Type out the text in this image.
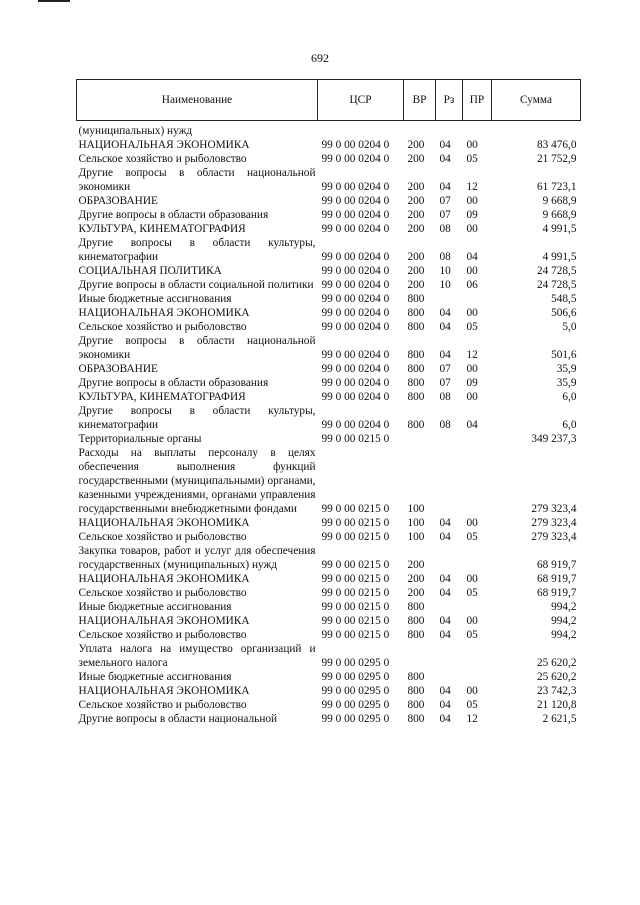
692
Наименование	ЦСР	ВР	Рз	ПР	Сумма
(муниципальных) нужд					
НАЦИОНАЛЬНАЯ ЭКОНОМИКА	99 0 00 0204 0	200	04	00	83 476,0
Сельское хозяйство и рыболовство	99 0 00 0204 0	200	04	05	21 752,9
Другие вопросы в области национальной экономики	99 0 00 0204 0	200	04	12	61 723,1
ОБРАЗОВАНИЕ	99 0 00 0204 0	200	07	00	9 668,9
Другие вопросы в области образования	99 0 00 0204 0	200	07	09	9 668,9
КУЛЬТУРА, КИНЕМАТОГРАФИЯ	99 0 00 0204 0	200	08	00	4 991,5
Другие вопросы в области культуры, кинематографии	99 0 00 0204 0	200	08	04	4 991,5
СОЦИАЛЬНАЯ ПОЛИТИКА	99 0 00 0204 0	200	10	00	24 728,5
Другие вопросы в области социальной политики	99 0 00 0204 0	200	10	06	24 728,5
Иные бюджетные ассигнования	99 0 00 0204 0	800			548,5
НАЦИОНАЛЬНАЯ ЭКОНОМИКА	99 0 00 0204 0	800	04	00	506,6
Сельское хозяйство и рыболовство	99 0 00 0204 0	800	04	05	5,0
Другие вопросы в области национальной экономики	99 0 00 0204 0	800	04	12	501,6
ОБРАЗОВАНИЕ	99 0 00 0204 0	800	07	00	35,9
Другие вопросы в области образования	99 0 00 0204 0	800	07	09	35,9
КУЛЬТУРА, КИНЕМАТОГРАФИЯ	99 0 00 0204 0	800	08	00	6,0
Другие вопросы в области культуры, кинематографии	99 0 00 0204 0	800	08	04	6,0
Территориальные органы	99 0 00 0215 0				349 237,3
Расходы на выплаты персоналу в целях обеспечения выполнения функций государственными (муниципальными) органами, казенными учреждениями, органами управления государственными внебюджетными фондами	99 0 00 0215 0	100			279 323,4
НАЦИОНАЛЬНАЯ ЭКОНОМИКА	99 0 00 0215 0	100	04	00	279 323,4
Сельское хозяйство и рыболовство	99 0 00 0215 0	100	04	05	279 323,4
Закупка товаров, работ и услуг для обеспечения государственных (муниципальных) нужд	99 0 00 0215 0	200			68 919,7
НАЦИОНАЛЬНАЯ ЭКОНОМИКА	99 0 00 0215 0	200	04	00	68 919,7
Сельское хозяйство и рыболовство	99 0 00 0215 0	200	04	05	68 919,7
Иные бюджетные ассигнования	99 0 00 0215 0	800			994,2
НАЦИОНАЛЬНАЯ ЭКОНОМИКА	99 0 00 0215 0	800	04	00	994,2
Сельское хозяйство и рыболовство	99 0 00 0215 0	800	04	05	994,2
Уплата налога на имущество организаций и земельного налога	99 0 00 0295 0				25 620,2
Иные бюджетные ассигнования	99 0 00 0295 0	800			25 620,2
НАЦИОНАЛЬНАЯ ЭКОНОМИКА	99 0 00 0295 0	800	04	00	23 742,3
Сельское хозяйство и рыболовство	99 0 00 0295 0	800	04	05	21 120,8
Другие вопросы в области национальной	99 0 00 0295 0	800	04	12	2 621,5
